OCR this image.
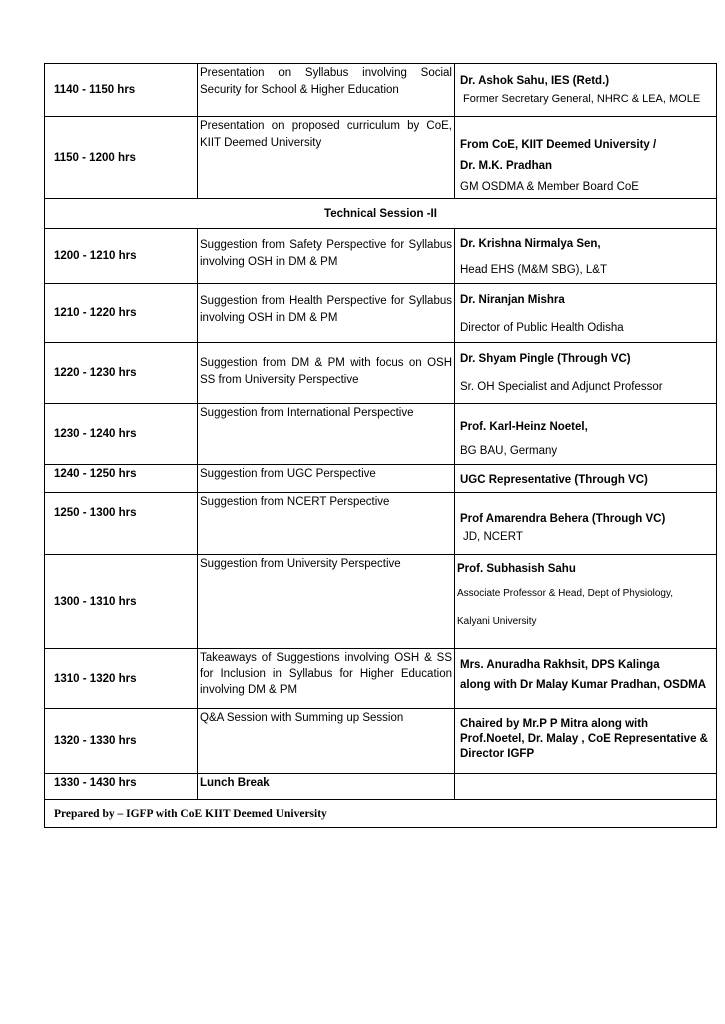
1140 - 1150 hrs	Presentation on Syllabus involving Social Security for School & Higher Education	Dr. Ashok Sahu, IES (Retd.)
Former Secretary General, NHRC & LEA, MOLE

1150 - 1200 hrs	Presentation on proposed curriculum by CoE, KIIT Deemed University	From CoE, KIIT Deemed University /
Dr. M.K. Pradhan
GM OSDMA & Member Board CoE

Technical Session -II		
1200 - 1210 hrs	Suggestion from Safety Perspective for Syllabus involving OSH in DM & PM	Dr. Krishna Nirmalya Sen,
Head EHS (M&M SBG), L&T

1210 - 1220 hrs	Suggestion from Health Perspective for Syllabus involving OSH in DM & PM	Dr. Niranjan Mishra
Director of Public Health Odisha

1220 - 1230 hrs	Suggestion from DM & PM with focus on OSH SS from University Perspective	Dr. Shyam Pingle (Through VC)
Sr. OH Specialist and Adjunct Professor

1230 - 1240 hrs	Suggestion from International Perspective	Prof. Karl-Heinz Noetel,
BG BAU, Germany

1240 - 1250 hrs	Suggestion from UGC Perspective	UGC Representative (Through VC)

1250 - 1300 hrs	Suggestion from NCERT Perspective	Prof Amarendra Behera (Through VC)
JD, NCERT

1300 - 1310 hrs	Suggestion from University Perspective	Prof. Subhasish Sahu
Associate Professor & Head, Dept of Physiology,
Kalyani University

1310 - 1320 hrs	Takeaways of Suggestions involving OSH & SS for Inclusion in Syllabus for Higher Education involving DM & PM	Mrs. Anuradha Rakhsit, DPS Kalinga
along with Dr Malay Kumar Pradhan, OSDMA

1320 - 1330 hrs	Q&A Session with Summing up Session	Chaired by Mr.P P Mitra along with Prof.Noetel, Dr. Malay , CoE Representative & Director IGFP

1330 - 1430 hrs	Lunch Break	

Prepared by – IGFP with CoE KIIT Deemed University		
